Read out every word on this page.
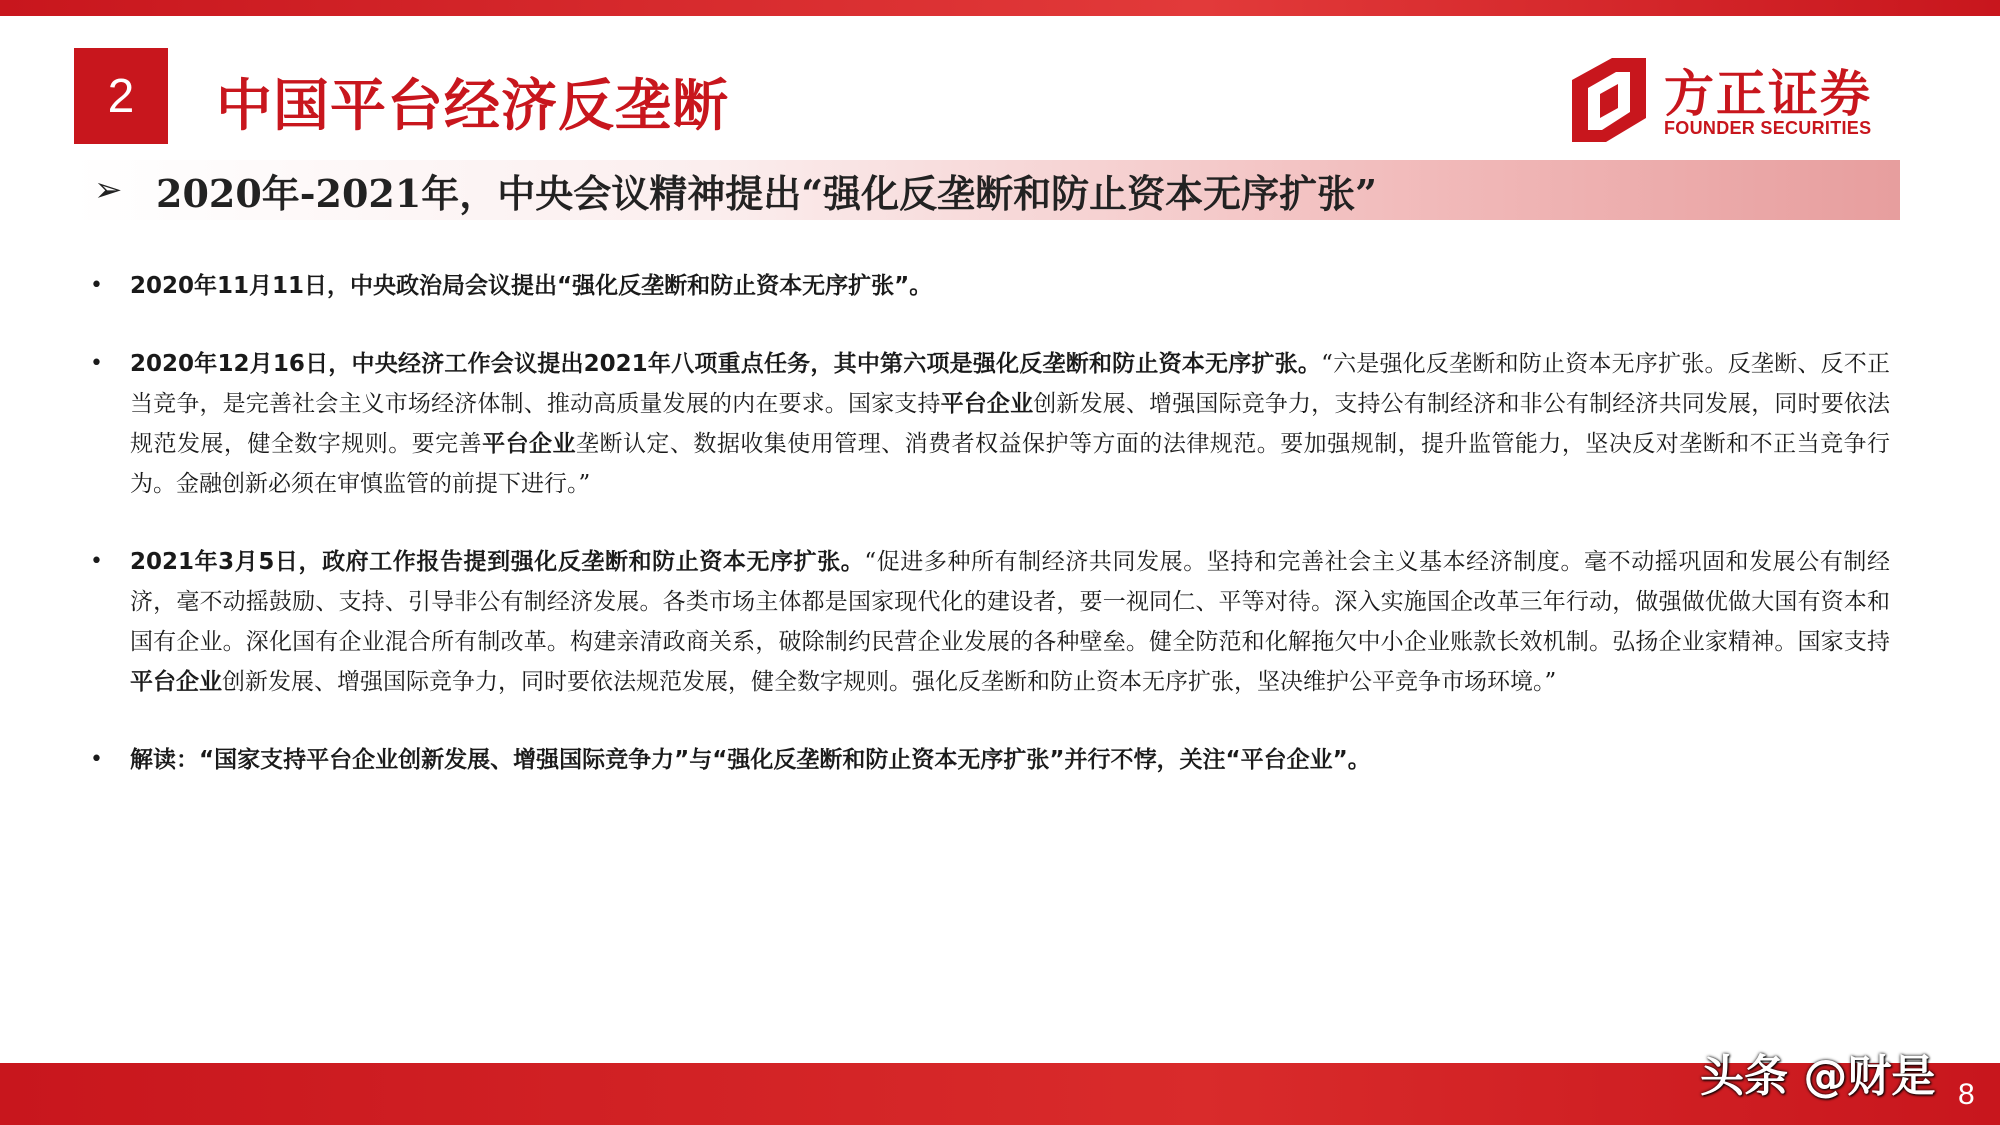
2 中国平台经济反垄断	方正证券
FOUNDER SECURITIES
➢ 2020年-2021年，中央会议精神提出“强化反垄断和防止资本无序扩张”
• 2020年11月11日，中央政治局会议提出“强化反垄断和防止资本无序扩张”。
• 2020年12月16日，中央经济工作会议提出2021年八项重点任务，其中第六项是强化反垄断和防止资本无序扩张。“六是强化反垄断和防止资本无序扩张。反垄断、反不正当竞争，是完善社会主义市场经济体制、推动高质量发展的内在要求。国家支持平台企业创新发展、增强国际竞争力，支持公有制经济和非公有制经济共同发展，同时要依法规范发展，健全数字规则。要完善平台企业垄断认定、数据收集使用管理、消费者权益保护等方面的法律规范。要加强规制，提升监管能力，坚决反对垄断和不正当竞争行为。金融创新必须在审慎监管的前提下进行。”
• 2021年3月5日，政府工作报告提到强化反垄断和防止资本无序扩张。“促进多种所有制经济共同发展。坚持和完善社会主义基本经济制度。毫不动摇巩固和发展公有制经济，毫不动摇鼓励、支持、引导非公有制经济发展。各类市场主体都是国家现代化的建设者，要一视同仁、平等对待。深入实施国企改革三年行动，做强做优做大国有资本和国有企业。深化国有企业混合所有制改革。构建亲清政商关系，破除制约民营企业发展的各种壁垒。健全防范和化解拖欠中小企业账款长效机制。弘扬企业家精神。国家支持平台企业创新发展、增强国际竞争力，同时要依法规范发展，健全数字规则。强化反垄断和防止资本无序扩张，坚决维护公平竞争市场环境。”
• 解读：“国家支持平台企业创新发展、增强国际竞争力”与“强化反垄断和防止资本无序扩张”并行不悖，关注“平台企业”。
头条 @财是 8
